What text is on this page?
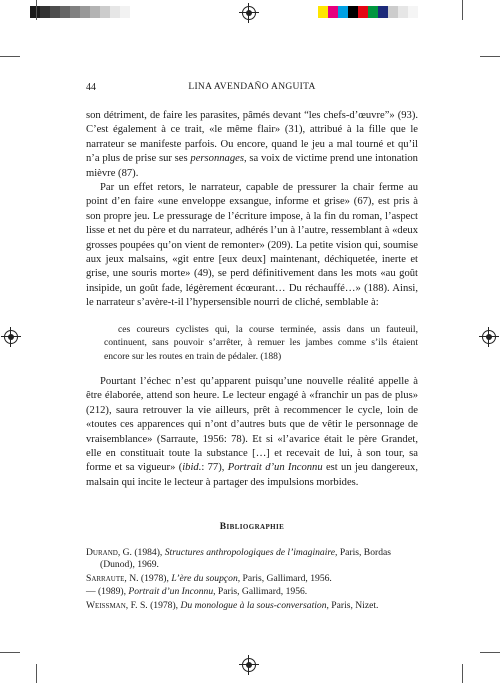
44	LINA AVENDAÑO ANGUITA

son détriment, de faire les parasites, pâmés devant “les chefs-d’œuvre”» (93). C’est également à ce trait, «le même flair» (31), attribué à la fille que le narrateur se manifeste parfois. Ou encore, quand le jeu a mal tourné et qu’il n’a plus de prise sur ses personnages, sa voix de victime prend une intonation mièvre (87).

Par un effet retors, le narrateur, capable de pressurer la chair ferme au point d’en faire «une enveloppe exsangue, informe et grise» (67), est pris à son propre jeu. Le pressurage de l’écriture impose, à la fin du roman, l’aspect lisse et net du père et du narrateur, adhérés l’un à l’autre, ressemblant à «deux grosses poupées qu’on vient de remonter» (209). La petite vision qui, soumise aux jeux malsains, «git entre [eux deux] maintenant, déchiquetée, inerte et grise, une souris morte» (49), se perd définitivement dans les mots «au goût insipide, un goût fade, légèrement écœurant… Du réchauffé…» (188). Ainsi, le narrateur s’avère-t-il l’hypersensible nourri de cliché, semblable à:

ces coureurs cyclistes qui, la course terminée, assis dans un fauteuil, continuent, sans pouvoir s’arrêter, à remuer les jambes comme s’ils étaient encore sur les routes en train de pédaler. (188)

Pourtant l’échec n’est qu’apparent puisqu’une nouvelle réalité appelle à être élaborée, attend son heure. Le lecteur engagé à «franchir un pas de plus» (212), saura retrouver la vie ailleurs, prêt à recommencer le cycle, loin de «toutes ces apparences qui n’ont d’autres buts que de vêtir le personnage de vraisemblance» (Sarraute, 1956: 78). Et si «l’avarice était le père Grandet, elle en constituait toute la substance […] et recevait de lui, à son tour, sa forme et sa vigueur» (ibid.: 77), Portrait d’un Inconnu est un jeu dangereux, malsain qui incite le lecteur à partager des impulsions morbides.

Bibliographie

Durand, G. (1984), Structures anthropologiques de l’imaginaire, Paris, Bordas (Dunod), 1969.

Sarraute, N. (1978), L’ère du soupçon, Paris, Gallimard, 1956.

— (1989), Portrait d’un Inconnu, Paris, Gallimard, 1956.

Weissman, F. S. (1978), Du monologue à la sous-conversation, Paris, Nizet.
